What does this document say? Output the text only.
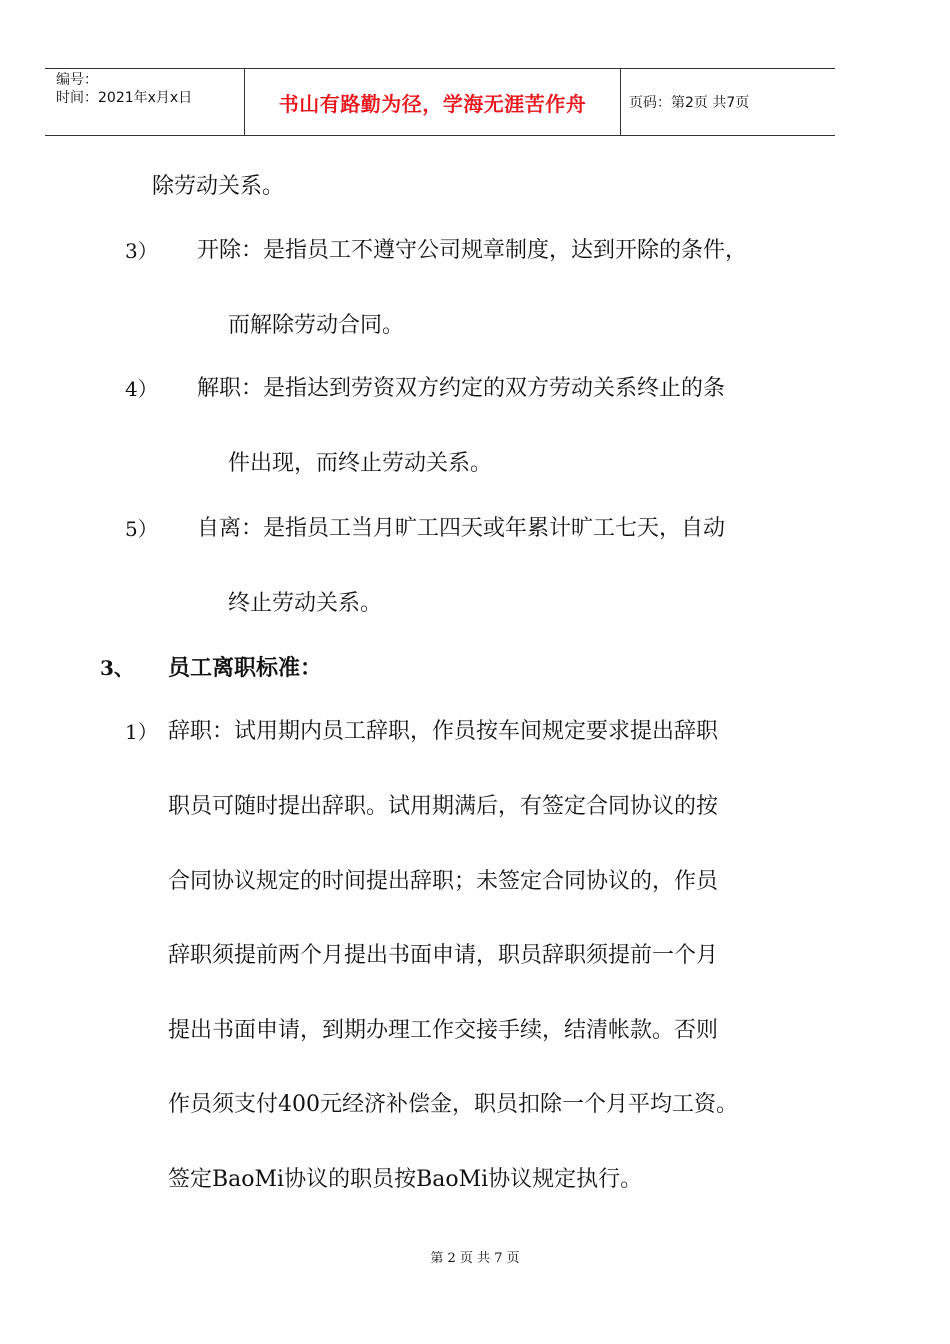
编号：
时间：2021年x月x日	书山有路勤为径，学海无涯苦作舟	页码：第2页 共7页
除劳动关系。
3） 开除：是指员工不遵守公司规章制度，达到开除的条件，
而解除劳动合同。
4） 解职：是指达到劳资双方约定的双方劳动关系终止的条
件出现，而终止劳动关系。
5） 自离：是指员工当月旷工四天或年累计旷工七天，自动
终止劳动关系。
3、 员工离职标准：
1） 辞职：试用期内员工辞职，作员按车间规定要求提出辞职
职员可随时提出辞职。试用期满后，有签定合同协议的按
合同协议规定的时间提出辞职；未签定合同协议的，作员
辞职须提前两个月提出书面申请，职员辞职须提前一个月
提出书面申请，到期办理工作交接手续，结清帐款。否则
作员须支付400元经济补偿金，职员扣除一个月平均工资。
签定BaoMi协议的职员按BaoMi协议规定执行。
第 2 页 共 7 页
